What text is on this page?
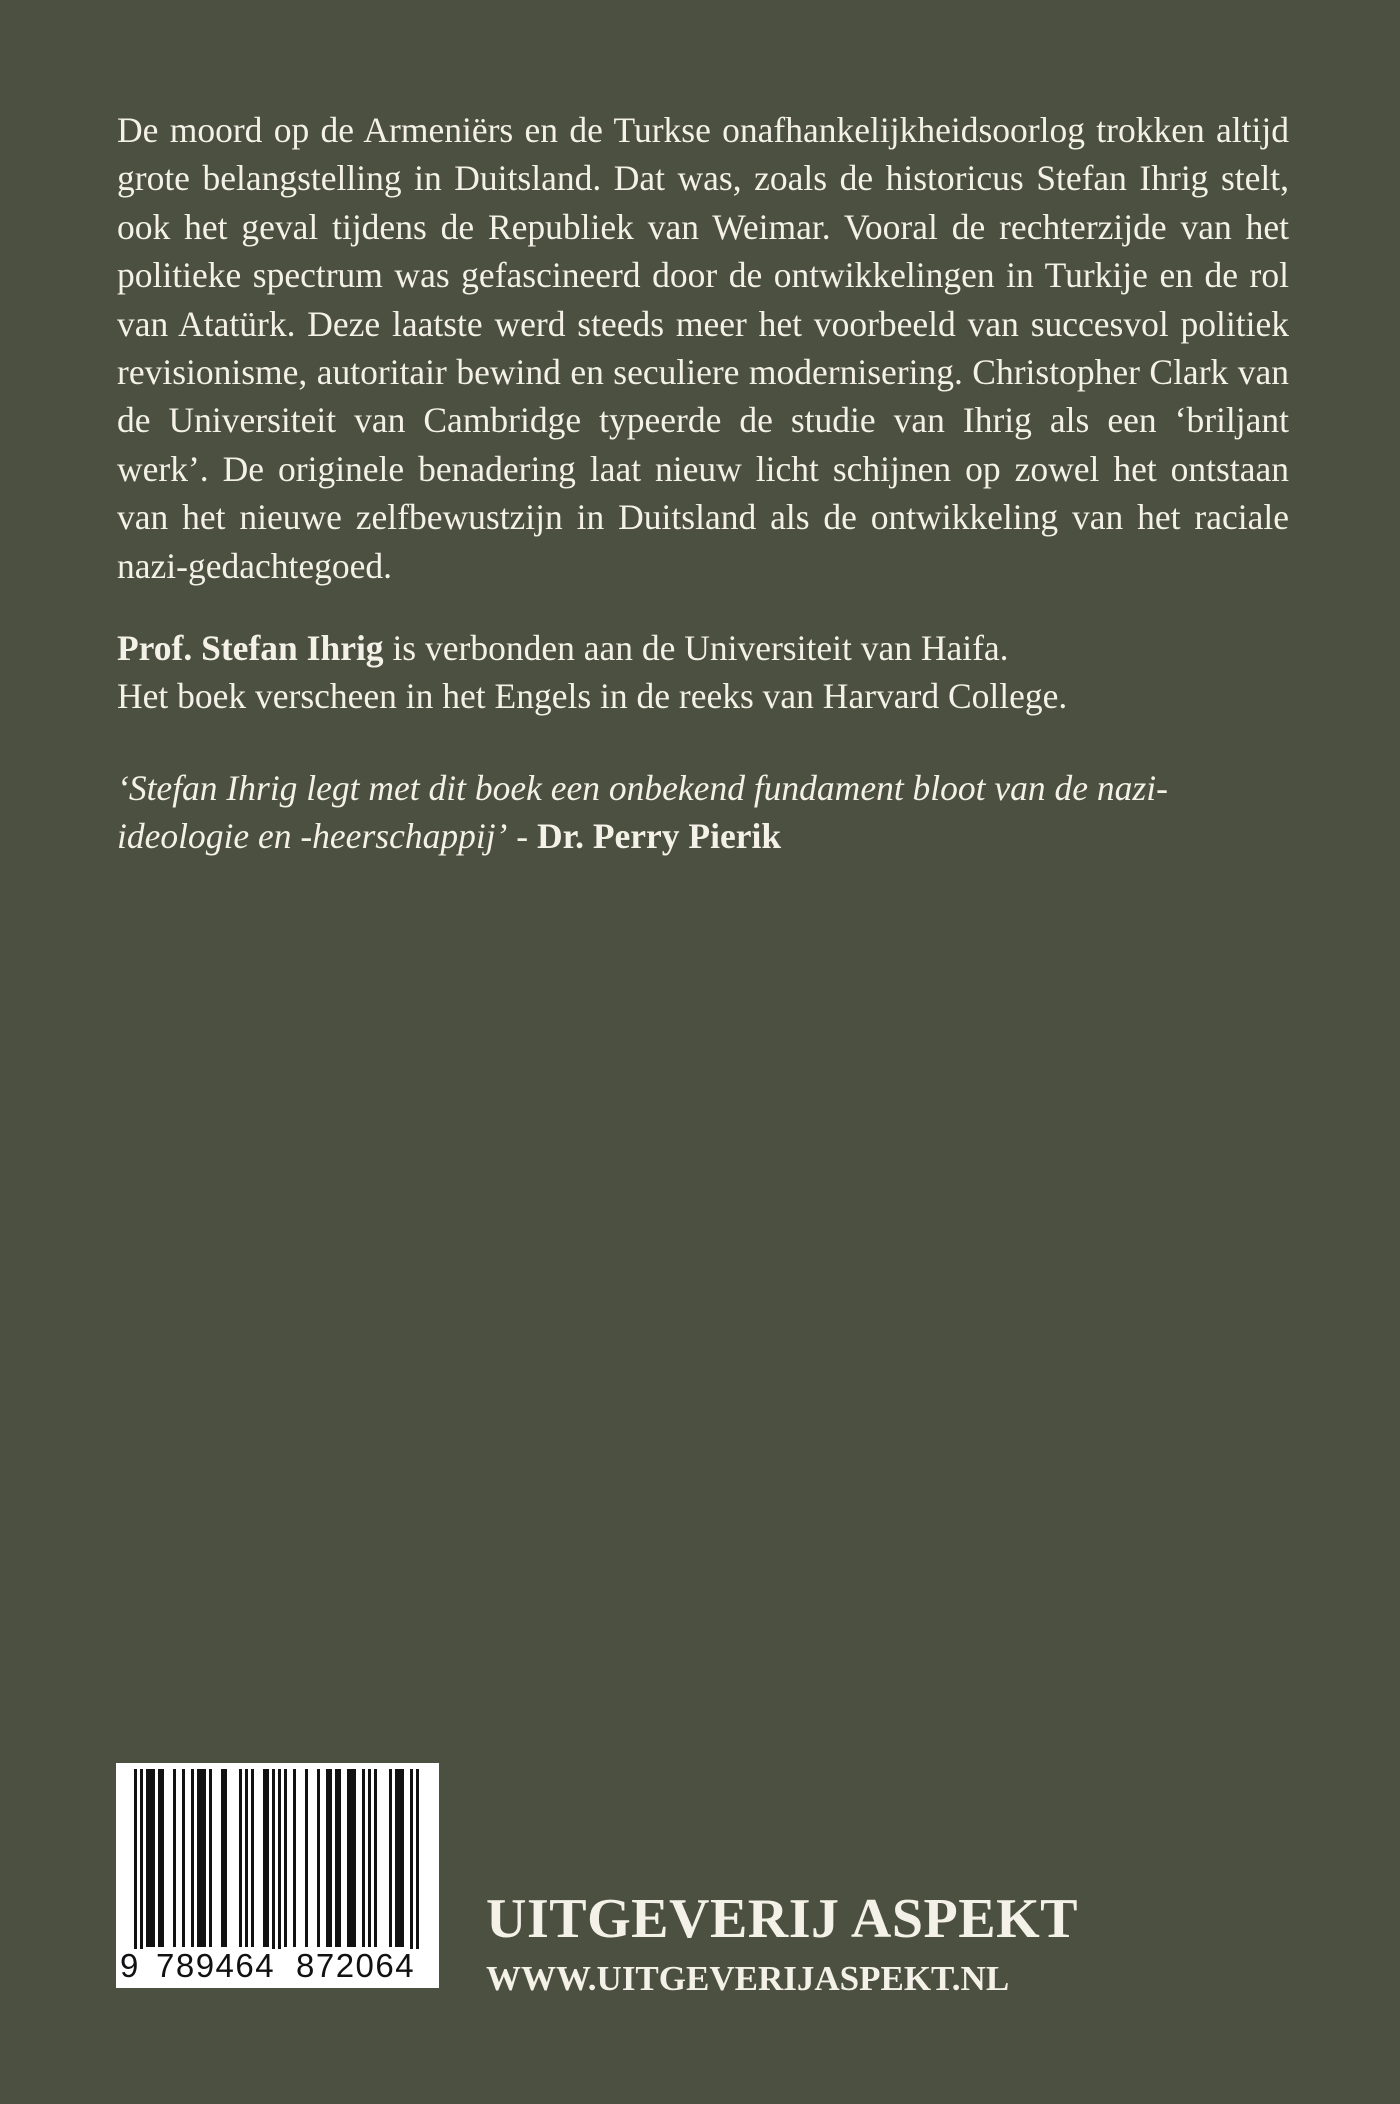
De moord op de Armeniërs en de Turkse onafhankelijkheidsoorlog trokken altijd grote belangstelling in Duitsland. Dat was, zoals de historicus Stefan Ihrig stelt, ook het geval tijdens de Republiek van Weimar. Vooral de rechterzijde van het politieke spectrum was gefascineerd door de ontwikkelingen in Turkije en de rol van Atatürk. Deze laatste werd steeds meer het voorbeeld van succesvol politiek revisionisme, autoritair bewind en seculiere modernisering. Christopher Clark van de Universiteit van Cambridge typeerde de studie van Ihrig als een ‘briljant werk’. De originele benadering laat nieuw licht schijnen op zowel het ontstaan van het nieuwe zelfbewustzijn in Duitsland als de ontwikkeling van het raciale nazi-gedachtegoed.

Prof. Stefan Ihrig is verbonden aan de Universiteit van Haifa.
Het boek verscheen in het Engels in de reeks van Harvard College.

‘Stefan Ihrig legt met dit boek een onbekend fundament bloot van de nazi-ideologie en -heerschappij’ - Dr. Perry Pierik

9 789464 872064

UITGEVERIJ ASPEKT

WWW.UITGEVERIJASPEKT.NL
